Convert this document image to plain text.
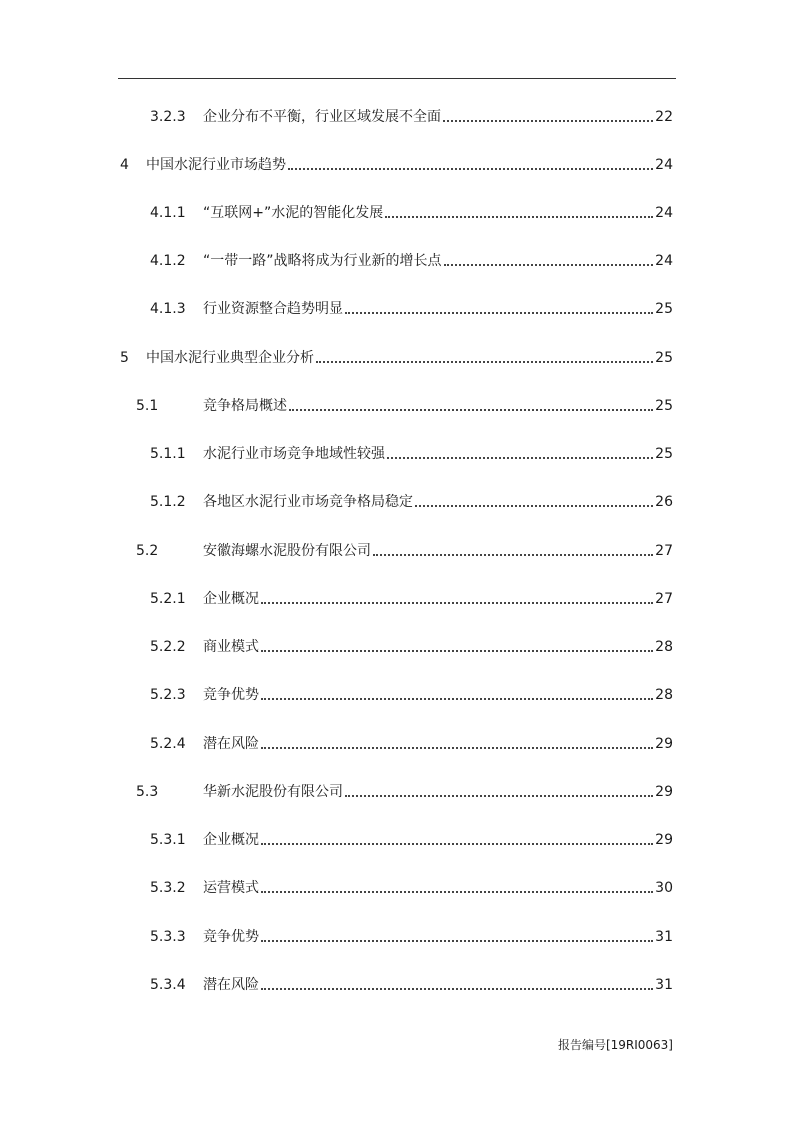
3.2.3	企业分布不平衡，行业区域发展不全面	22
4	中国水泥行业市场趋势	24
4.1.1	“互联网+”水泥的智能化发展	24
4.1.2	“一带一路”战略将成为行业新的增长点	24
4.1.3	行业资源整合趋势明显	25
5	中国水泥行业典型企业分析	25
5.1	竞争格局概述	25
5.1.1	水泥行业市场竞争地域性较强	25
5.1.2	各地区水泥行业市场竞争格局稳定	26
5.2	安徽海螺水泥股份有限公司	27
5.2.1	企业概况	27
5.2.2	商业模式	28
5.2.3	竞争优势	28
5.2.4	潜在风险	29
5.3	华新水泥股份有限公司	29
5.3.1	企业概况	29
5.3.2	运营模式	30
5.3.3	竞争优势	31
5.3.4	潜在风险	31
报告编号[19RI0063]
